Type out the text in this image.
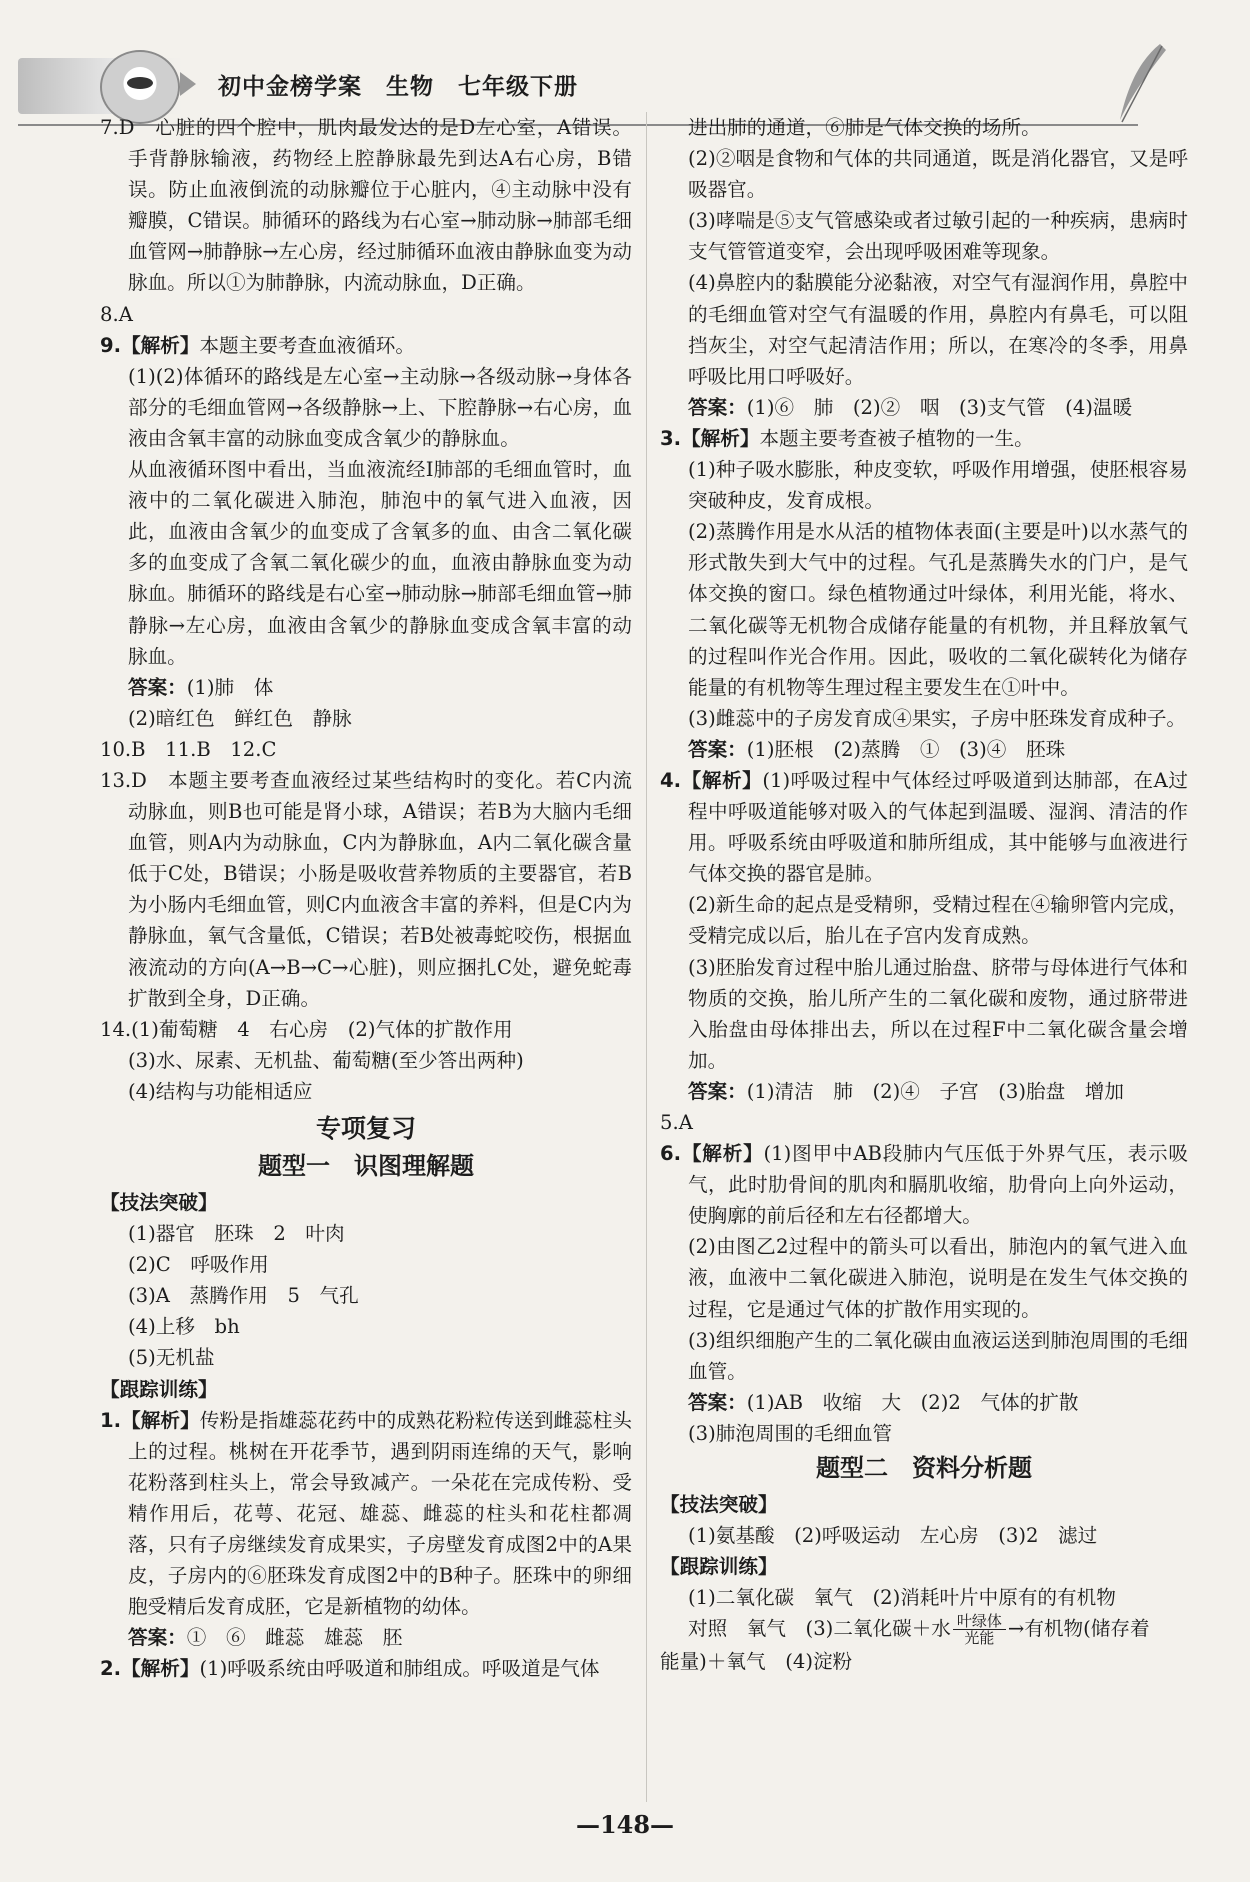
初中金榜学案　生物　七年级下册
7.D　心脏的四个腔中，肌肉最发达的是D左心室，A错误。手背静脉输液，药物经上腔静脉最先到达A右心房，B错误。防止血液倒流的动脉瓣位于心脏内，④主动脉中没有瓣膜，C错误。肺循环的路线为右心室→肺动脉→肺部毛细血管网→肺静脉→左心房，经过肺循环血液由静脉血变为动脉血。所以①为肺静脉，内流动脉血，D正确。
8.A
9.【解析】本题主要考查血液循环。
(1)(2)体循环的路线是左心室→主动脉→各级动脉→身体各部分的毛细血管网→各级静脉→上、下腔静脉→右心房，血液由含氧丰富的动脉血变成含氧少的静脉血。
从血液循环图中看出，当血液流经Ⅰ肺部的毛细血管时，血液中的二氧化碳进入肺泡，肺泡中的氧气进入血液，因此，血液由含氧少的血变成了含氧多的血、由含二氧化碳多的血变成了含氧二氧化碳少的血，血液由静脉血变为动脉血。肺循环的路线是右心室→肺动脉→肺部毛细血管→肺静脉→左心房，血液由含氧少的静脉血变成含氧丰富的动脉血。
答案：(1)肺　体
(2)暗红色　鲜红色　静脉
10.B　11.B　12.C
13.D　本题主要考查血液经过某些结构时的变化。若C内流动脉血，则B也可能是肾小球，A错误；若B为大脑内毛细血管，则A内为动脉血，C内为静脉血，A内二氧化碳含量低于C处，B错误；小肠是吸收营养物质的主要器官，若B为小肠内毛细血管，则C内血液含丰富的养料，但是C内为静脉血，氧气含量低，C错误；若B处被毒蛇咬伤，根据血液流动的方向(A→B→C→心脏)，则应捆扎C处，避免蛇毒扩散到全身，D正确。
14.(1)葡萄糖　4　右心房　(2)气体的扩散作用
(3)水、尿素、无机盐、葡萄糖(至少答出两种)
(4)结构与功能相适应
专项复习
题型一　识图理解题
【技法突破】
(1)器官　胚珠　2　叶肉
(2)C　呼吸作用
(3)A　蒸腾作用　5　气孔
(4)上移　bh
(5)无机盐
【跟踪训练】
1.【解析】传粉是指雄蕊花药中的成熟花粉粒传送到雌蕊柱头上的过程。桃树在开花季节，遇到阴雨连绵的天气，影响花粉落到柱头上，常会导致减产。一朵花在完成传粉、受精作用后，花萼、花冠、雄蕊、雌蕊的柱头和花柱都凋落，只有子房继续发育成果实，子房壁发育成图2中的A果皮，子房内的⑥胚珠发育成图2中的B种子。胚珠中的卵细胞受精后发育成胚，它是新植物的幼体。
答案：①　⑥　雌蕊　雄蕊　胚
2.【解析】(1)呼吸系统由呼吸道和肺组成。呼吸道是气体
进出肺的通道，⑥肺是气体交换的场所。
(2)②咽是食物和气体的共同通道，既是消化器官，又是呼吸器官。
(3)哮喘是⑤支气管感染或者过敏引起的一种疾病，患病时支气管管道变窄，会出现呼吸困难等现象。
(4)鼻腔内的黏膜能分泌黏液，对空气有湿润作用，鼻腔中的毛细血管对空气有温暖的作用，鼻腔内有鼻毛，可以阻挡灰尘，对空气起清洁作用；所以，在寒冷的冬季，用鼻呼吸比用口呼吸好。
答案：(1)⑥　肺　(2)②　咽　(3)支气管　(4)温暖
3.【解析】本题主要考查被子植物的一生。
(1)种子吸水膨胀，种皮变软，呼吸作用增强，使胚根容易突破种皮，发育成根。
(2)蒸腾作用是水从活的植物体表面(主要是叶)以水蒸气的形式散失到大气中的过程。气孔是蒸腾失水的门户，是气体交换的窗口。绿色植物通过叶绿体，利用光能，将水、二氧化碳等无机物合成储存能量的有机物，并且释放氧气的过程叫作光合作用。因此，吸收的二氧化碳转化为储存能量的有机物等生理过程主要发生在①叶中。
(3)雌蕊中的子房发育成④果实，子房中胚珠发育成种子。
答案：(1)胚根　(2)蒸腾　①　(3)④　胚珠
4.【解析】(1)呼吸过程中气体经过呼吸道到达肺部，在A过程中呼吸道能够对吸入的气体起到温暖、湿润、清洁的作用。呼吸系统由呼吸道和肺所组成，其中能够与血液进行气体交换的器官是肺。
(2)新生命的起点是受精卵，受精过程在④输卵管内完成，受精完成以后，胎儿在子宫内发育成熟。
(3)胚胎发育过程中胎儿通过胎盘、脐带与母体进行气体和物质的交换，胎儿所产生的二氧化碳和废物，通过脐带进入胎盘由母体排出去，所以在过程F中二氧化碳含量会增加。
答案：(1)清洁　肺　(2)④　子宫　(3)胎盘　增加
5.A
6.【解析】(1)图甲中AB段肺内气压低于外界气压，表示吸气，此时肋骨间的肌肉和膈肌收缩，肋骨向上向外运动，使胸廓的前后径和左右径都增大。
(2)由图乙2过程中的箭头可以看出，肺泡内的氧气进入血液，血液中二氧化碳进入肺泡，说明是在发生气体交换的过程，它是通过气体的扩散作用实现的。
(3)组织细胞产生的二氧化碳由血液运送到肺泡周围的毛细血管。
答案：(1)AB　收缩　大　(2)2　气体的扩散
(3)肺泡周围的毛细血管
题型二　资料分析题
【技法突破】
(1)氨基酸　(2)呼吸运动　左心房　(3)2　滤过
【跟踪训练】
(1)二氧化碳　氧气　(2)消耗叶片中原有的有机物
对照　氧气　(3)二氧化碳＋水 $\frac{\text{叶绿体}}{\text{光能}}$ →有机物(储存着
能量)＋氧气　(4)淀粉
—148—
